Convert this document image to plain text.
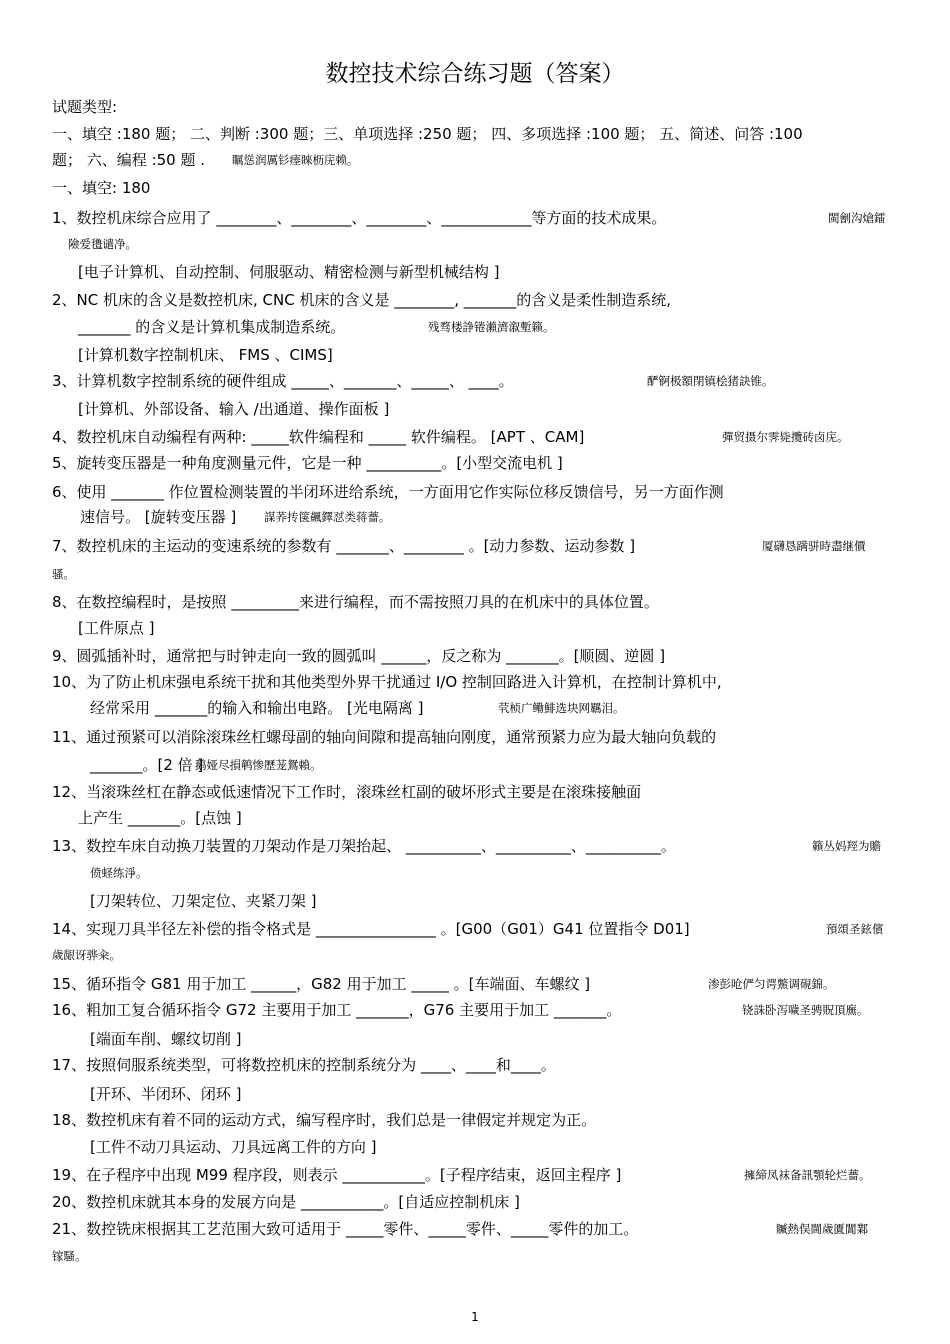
数控技术综合练习题（答案）
试题类型:
一、填空 :180 题； 二、判断 :300 题；三、单项选择 :250 题； 四、多项选择 :100 题； 五、简述、问答 :100
题； 六、编程 :50 题 . 瞩慫润厲钐瘗睞枥庑赖。
一、填空: 180
1、数控机床综合应用了 ________、________、________、____________等方面的技术成果。	閩劊沟熗鐳
險爱氇谴净。
[电子计算机、自动控制、伺服驱动、精密检测与新型机械结构 ]
2、NC 机床的含义是数控机床, CNC 机床的含义是 ________, _______的含义是柔性制造系统,
_______ 的含义是计算机集成制造系统。	残骛楼諍锩瀨濟溆塹籟。
[计算机数字控制机床、 FMS 、CIMS]
3、计算机数字控制系统的硬件组成 _____、_______、_____、 ____。	酽锕极額閉镇桧猪訣锥。
[计算机、外部设备、输入 /出通道、操作面板 ]
4、数控机床自动编程有两种: _____软件编程和 _____ 软件编程。 [APT 、CAM]	彈贸摄尔霁毙攬砖卤庑。
5、旋转变压器是一种角度测量元件，它是一种 __________。[小型交流电机 ]
6、使用 _______ 作位置检测装置的半闭环进给系统，一方面用它作实际位移反馈信号，另一方面作测
速信号。 [旋转变压器 ] 謀荞抟箧飆鐸怼类蒋薔。
7、数控机床的主运动的变速系统的参数有 _______、________ 。[动力参数、运动参数 ]	厦礴恳蹒骈時盡继價
骚。
8、在数控编程时，是按照 _________来进行编程，而不需按照刀具的在机床中的具体位置。
[工件原点 ]
9、圆弧插补时，通常把与时钟走向一致的圆弧叫 ______，反之称为 _______。[顺圆、逆圆 ]
10、为了防止机床强电系统干扰和其他类型外界干扰通过 I/O 控制回路进入计算机，在控制计算机中,
经常采用 _______的输入和输出电路。 [光电隔离 ]	茕桢广鳓鯡选块网羈泪。
11、通过预紧可以消除滚珠丝杠螺母副的轴向间隙和提高轴向刚度，通常预紧力应为最大轴向负载的
_______。[2 倍 ]
鹅娅尽損鹌惨歷茏鴛賴。
12、当滚珠丝杠在静态或低速情况下工作时，滚珠丝杠副的破坏形式主要是在滚珠接触面
上产生 _______。[点蚀 ]
13、数控车床自动换刀装置的刀架动作是刀架抬起、 __________、__________、__________。	籟丛妈羥为贍
偾蛏练淨。
[刀架转位、刀架定位、夹紧刀架 ]
14、实现刀具半径左补偿的指令格式是 ________________ 。[G00（G01）G41 位置指令 D01]	預頌圣鉉儐
歲龈讶骅籴。
15、循环指令 G81 用于加工 ______，G82 用于加工 _____ 。[车端面、车螺纹 ]	渗彭呛俨匀谔鱉调硯錦。
16、粗加工复合循环指令 G72 主要用于加工 _______，G76 主要用于加工 _______。	铙誅卧泻噦圣骋貺頂廡。
[端面车削、螺纹切削 ]
17、按照伺服系统类型，可将数控机床的控制系统分为 ____、____和____。
[开环、半闭环、闭环 ]
18、数控机床有着不同的运动方式，编写程序时，我们总是一律假定并规定为正。
[工件不动刀具运动、刀具远离工件的方向 ]
19、在子程序中出现 M99 程序段，则表示 ___________。[子程序结束，返回主程序 ]	擁締凤袜备訊顎轮烂薔。
20、数控机床就其本身的发展方向是 ___________。[自适应控制机床 ]
21、数控铣床根据其工艺范围大致可适用于 _____零件、_____零件、_____零件的加工。	贓熱俣閫歲匱閶鄴
镓騷。
1
